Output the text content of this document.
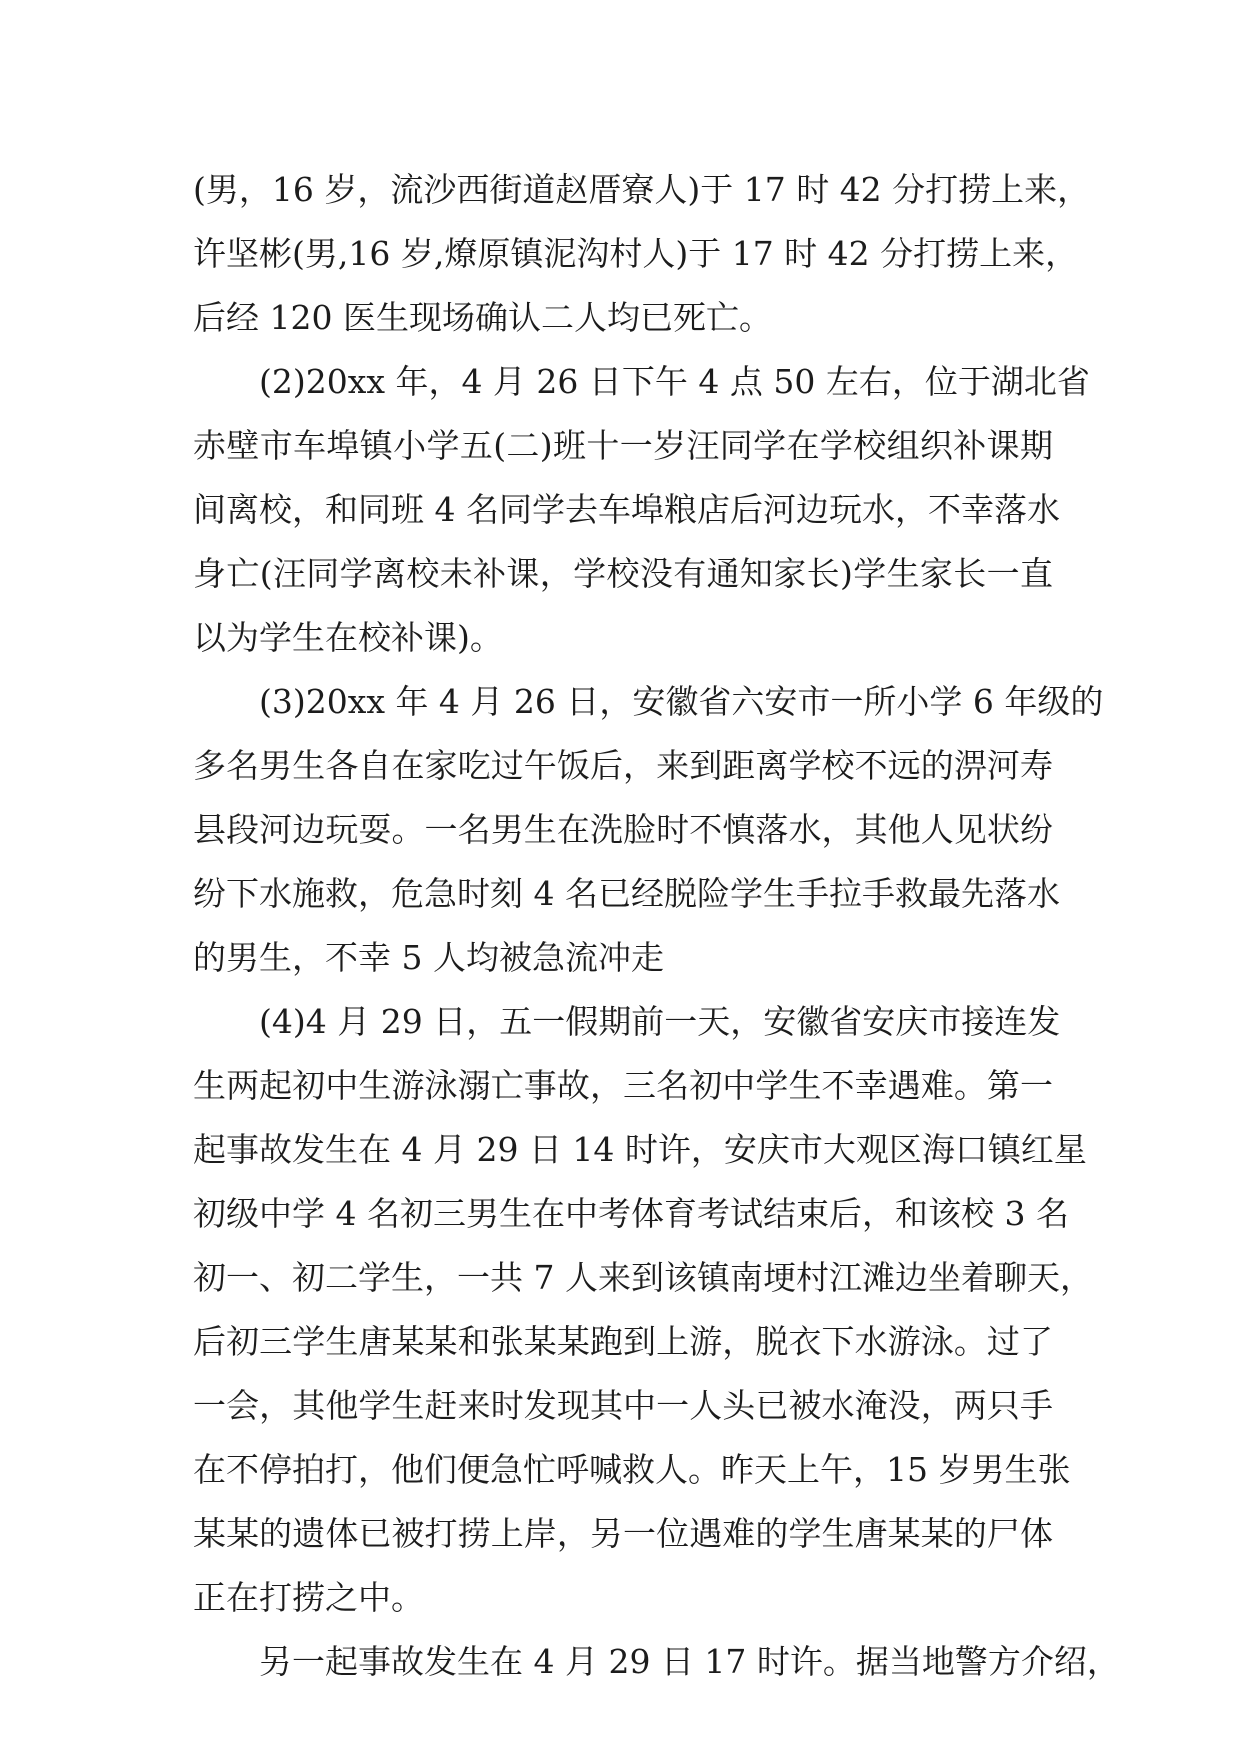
(男，16 岁，流沙西街道赵厝寮人)于 17 时 42 分打捞上来，
许坚彬(男,16 岁,燎原镇泥沟村人)于 17 时 42 分打捞上来，
后经 120 医生现场确认二人均已死亡。
(2)20xx 年，4 月 26 日下午 4 点 50 左右，位于湖北省
赤壁市车埠镇小学五(二)班十一岁汪同学在学校组织补课期
间离校，和同班 4 名同学去车埠粮店后河边玩水，不幸落水
身亡(汪同学离校未补课，学校没有通知家长)学生家长一直
以为学生在校补课)。
(3)20xx 年 4 月 26 日，安徽省六安市一所小学 6 年级的
多名男生各自在家吃过午饭后，来到距离学校不远的淠河寿
县段河边玩耍。一名男生在洗脸时不慎落水，其他人见状纷
纷下水施救，危急时刻 4 名已经脱险学生手拉手救最先落水
的男生，不幸 5 人均被急流冲走
(4)4 月 29 日，五一假期前一天，安徽省安庆市接连发
生两起初中生游泳溺亡事故，三名初中学生不幸遇难。第一
起事故发生在 4 月 29 日 14 时许，安庆市大观区海口镇红星
初级中学 4 名初三男生在中考体育考试结束后，和该校 3 名
初一、初二学生，一共 7 人来到该镇南埂村江滩边坐着聊天，
后初三学生唐某某和张某某跑到上游，脱衣下水游泳。过了
一会，其他学生赶来时发现其中一人头已被水淹没，两只手
在不停拍打，他们便急忙呼喊救人。昨天上午，15 岁男生张
某某的遗体已被打捞上岸，另一位遇难的学生唐某某的尸体
正在打捞之中。
另一起事故发生在 4 月 29 日 17 时许。据当地警方介绍，
